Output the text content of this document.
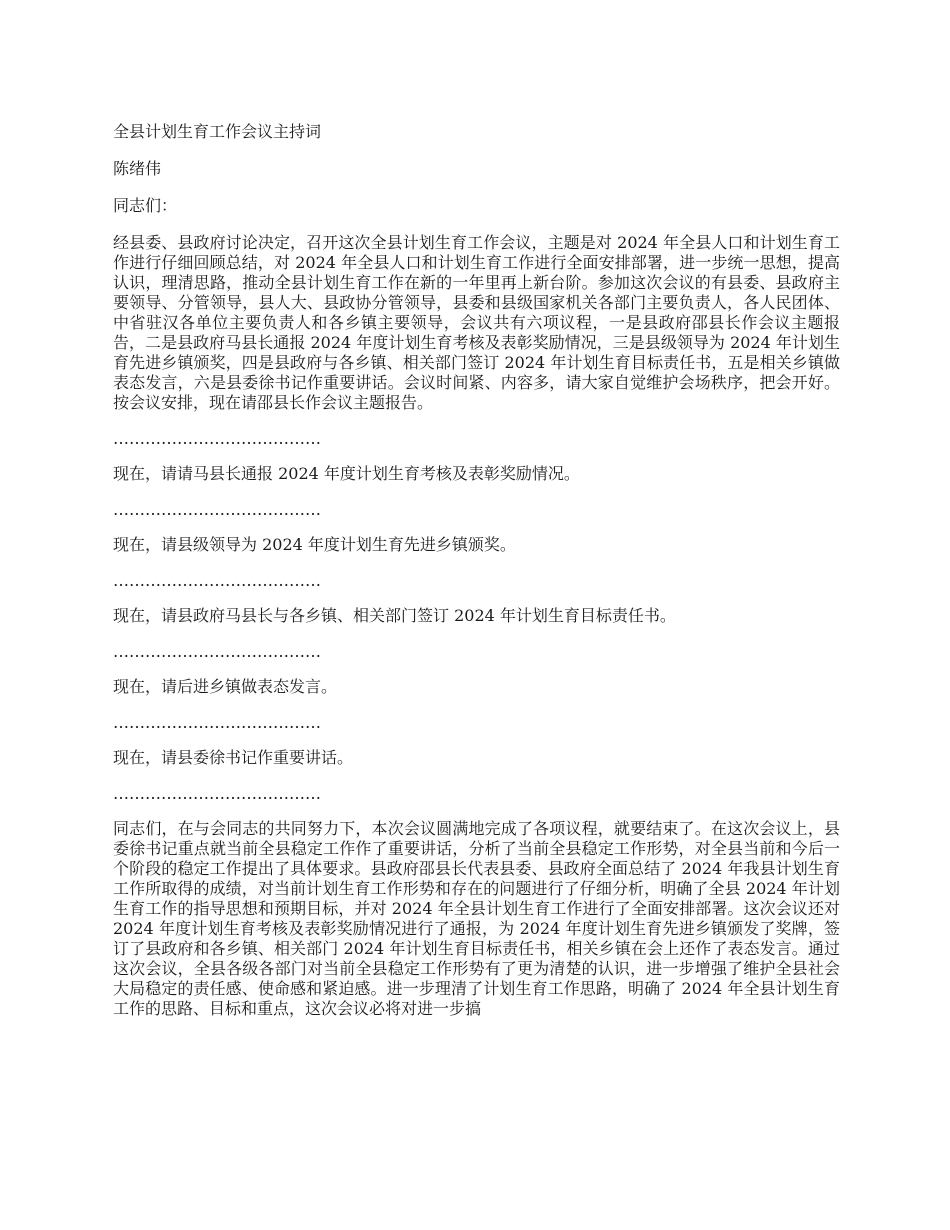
全县计划生育工作会议主持词

陈绪伟

同志们：

经县委、县政府讨论决定，召开这次全县计划生育工作会议，主题是对 2024 年全县人口和计划生育工作进行仔细回顾总结，对 2024 年全县人口和计划生育工作进行全面安排部署，进一步统一思想，提高认识，理清思路，推动全县计划生育工作在新的一年里再上新台阶。参加这次会议的有县委、县政府主要领导、分管领导，县人大、县政协分管领导，县委和县级国家机关各部门主要负责人，各人民团体、中省驻汉各单位主要负责人和各乡镇主要领导，会议共有六项议程，一是县政府邵县长作会议主题报告，二是县政府马县长通报 2024 年度计划生育考核及表彰奖励情况，三是县级领导为 2024 年计划生育先进乡镇颁奖，四是县政府与各乡镇、相关部门签订 2024 年计划生育目标责任书，五是相关乡镇做表态发言，六是县委徐书记作重要讲话。会议时间紧、内容多，请大家自觉维护会场秩序，把会开好。按会议安排，现在请邵县长作会议主题报告。

…………………………………

现在，请请马县长通报 2024 年度计划生育考核及表彰奖励情况。

…………………………………

现在，请县级领导为 2024 年度计划生育先进乡镇颁奖。

…………………………………

现在，请县政府马县长与各乡镇、相关部门签订 2024 年计划生育目标责任书。

…………………………………

现在，请后进乡镇做表态发言。

…………………………………

现在，请县委徐书记作重要讲话。

…………………………………

同志们，在与会同志的共同努力下，本次会议圆满地完成了各项议程，就要结束了。在这次会议上，县委徐书记重点就当前全县稳定工作作了重要讲话，分析了当前全县稳定工作形势，对全县当前和今后一个阶段的稳定工作提出了具体要求。县政府邵县长代表县委、县政府全面总结了 2024 年我县计划生育工作所取得的成绩，对当前计划生育工作形势和存在的问题进行了仔细分析，明确了全县 2024 年计划生育工作的指导思想和预期目标，并对 2024 年全县计划生育工作进行了全面安排部署。这次会议还对 2024 年度计划生育考核及表彰奖励情况进行了通报，为 2024 年度计划生育先进乡镇颁发了奖牌，签订了县政府和各乡镇、相关部门 2024 年计划生育目标责任书，相关乡镇在会上还作了表态发言。通过这次会议，全县各级各部门对当前全县稳定工作形势有了更为清楚的认识，进一步增强了维护全县社会大局稳定的责任感、使命感和紧迫感。进一步理清了计划生育工作思路，明确了 2024 年全县计划生育工作的思路、目标和重点，这次会议必将对进一步搞
